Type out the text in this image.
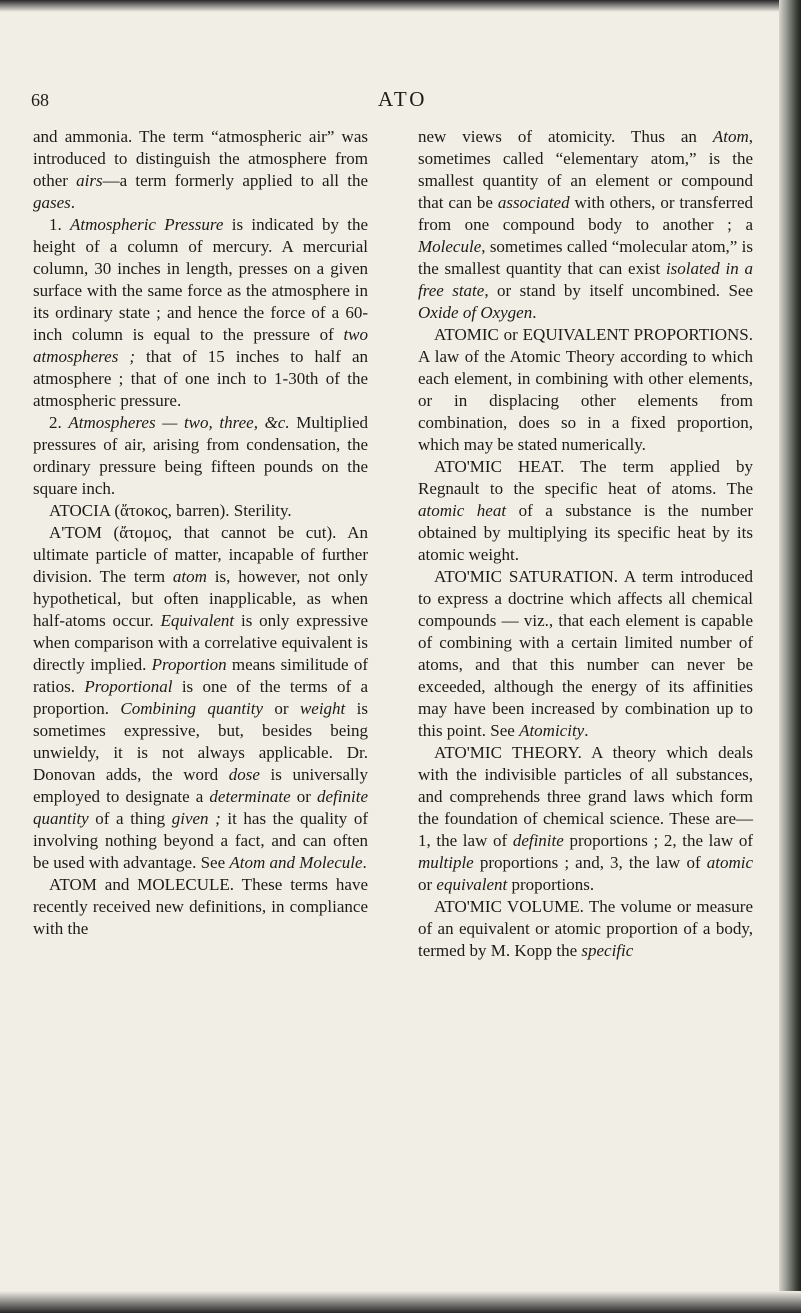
68	ATO

and ammonia. The term “atmospheric air” was introduced to distinguish the atmosphere from other airs—a term formerly applied to all the gases.

1. Atmospheric Pressure is indicated by the height of a column of mercury. A mercurial column, 30 inches in length, presses on a given surface with the same force as the atmosphere in its ordinary state ; and hence the force of a 60-inch column is equal to the pressure of two atmospheres ; that of 15 inches to half an atmosphere ; that of one inch to 1-30th of the atmospheric pressure.

2. Atmospheres — two, three, &c. Multiplied pressures of air, arising from condensation, the ordinary pressure being fifteen pounds on the square inch.

ATOCIA (ἄτοκος, barren). Sterility.

A'TOM (ἄτομος, that cannot be cut). An ultimate particle of matter, incapable of further division. The term atom is, however, not only hypothetical, but often inapplicable, as when half-atoms occur. Equivalent is only expressive when comparison with a correlative equivalent is directly implied. Proportion means similitude of ratios. Proportional is one of the terms of a proportion. Combining quantity or weight is sometimes expressive, but, besides being unwieldy, it is not always applicable. Dr. Donovan adds, the word dose is universally employed to designate a determinate or definite quantity of a thing given ; it has the quality of involving nothing beyond a fact, and can often be used with advantage. See Atom and Molecule.

ATOM and MOLECULE. These terms have recently received new definitions, in compliance with the

new views of atomicity. Thus an Atom, sometimes called “elementary atom,” is the smallest quantity of an element or compound that can be associated with others, or transferred from one compound body to another ; a Molecule, sometimes called “molecular atom,” is the smallest quantity that can exist isolated in a free state, or stand by itself uncombined. See Oxide of Oxygen.

ATOMIC or EQUIVALENT PROPORTIONS. A law of the Atomic Theory according to which each element, in combining with other elements, or in displacing other elements from combination, does so in a fixed proportion, which may be stated numerically.

ATO'MIC HEAT. The term applied by Regnault to the specific heat of atoms. The atomic heat of a substance is the number obtained by multiplying its specific heat by its atomic weight.

ATO'MIC SATURATION. A term introduced to express a doctrine which affects all chemical compounds — viz., that each element is capable of combining with a certain limited number of atoms, and that this number can never be exceeded, although the energy of its affinities may have been increased by combination up to this point. See Atomicity.

ATO'MIC THEORY. A theory which deals with the indivisible particles of all substances, and comprehends three grand laws which form the foundation of chemical science. These are—1, the law of definite proportions ; 2, the law of multiple proportions ; and, 3, the law of atomic or equivalent proportions.

ATO'MIC VOLUME. The volume or measure of an equivalent or atomic proportion of a body, termed by M. Kopp the specific
